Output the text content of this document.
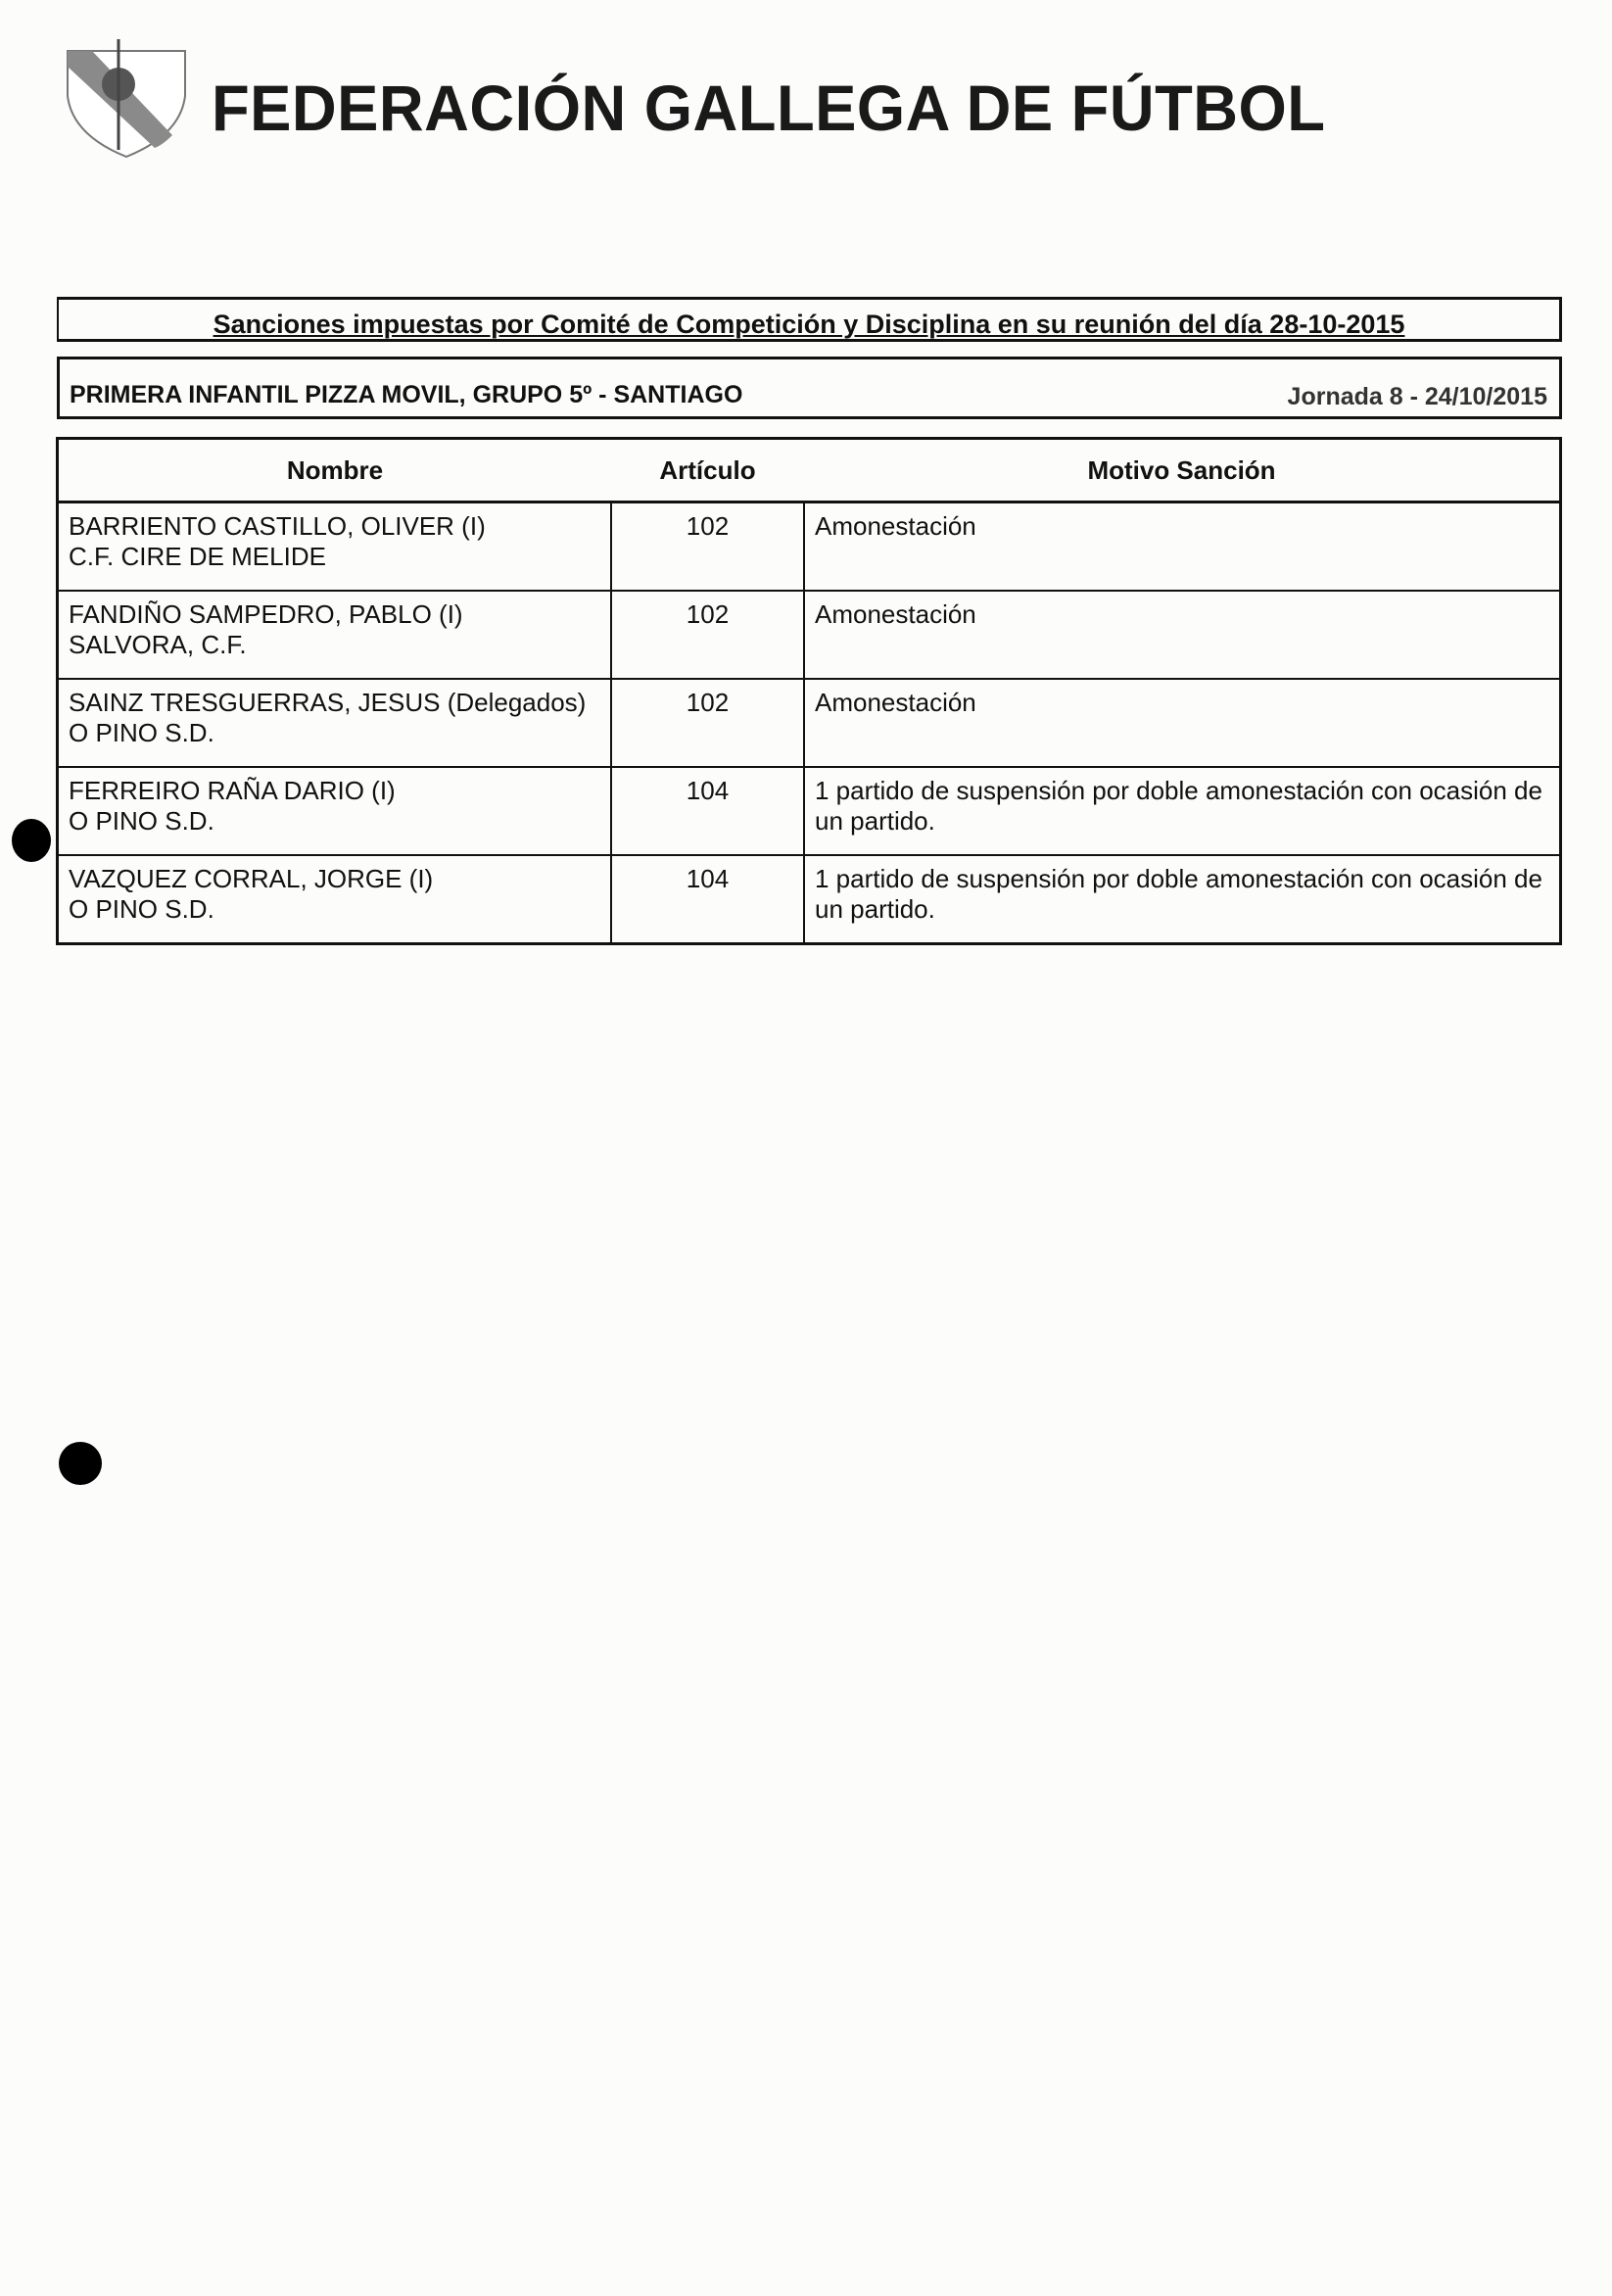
FEDERACIÓN GALLEGA DE FÚTBOL
Sanciones impuestas por Comité de Competición y Disciplina en su reunión del día 28-10-2015
PRIMERA INFANTIL PIZZA MOVIL, GRUPO 5º - SANTIAGO	Jornada 8 - 24/10/2015
Nombre	Artículo	Motivo Sanción

BARRIENTO CASTILLO, OLIVER (I)
C.F. CIRE DE MELIDE	102	Amonestación

FANDIÑO SAMPEDRO, PABLO (I)
SALVORA, C.F.	102	Amonestación

SAINZ TRESGUERRAS, JESUS (Delegados)
O PINO S.D.	102	Amonestación

FERREIRO RAÑA DARIO (I)
O PINO S.D.	104	1 partido de suspensión por doble amonestación con ocasión de un partido.

VAZQUEZ CORRAL, JORGE (I)
O PINO S.D.	104	1 partido de suspensión por doble amonestación con ocasión de un partido.
